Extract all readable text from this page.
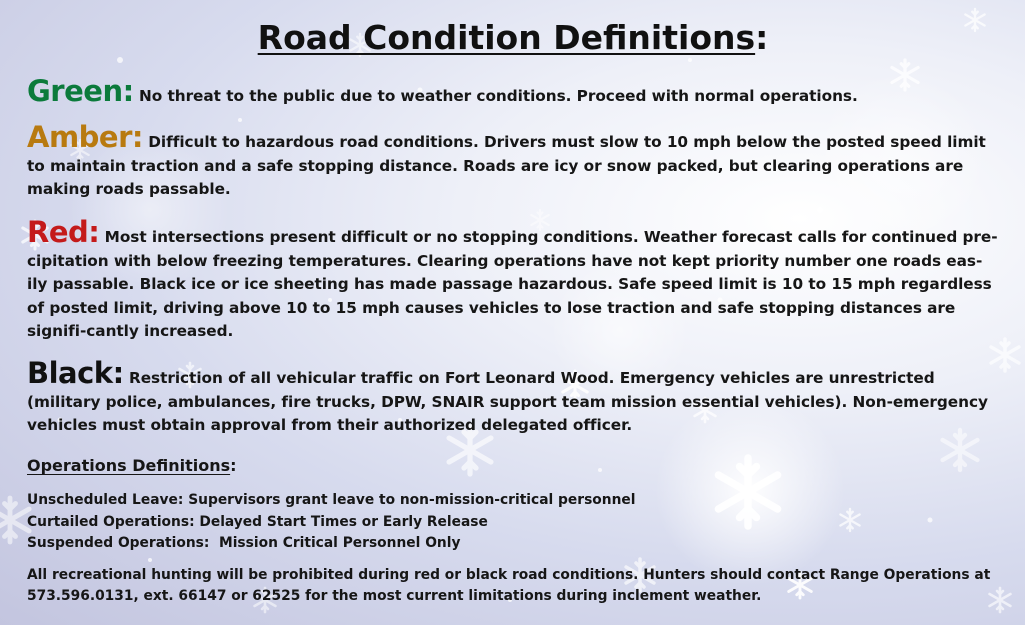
Road Condition Definitions:

Green: No threat to the public due to weather conditions. Proceed with normal operations.

Amber: Difficult to hazardous road conditions. Drivers must slow to 10 mph below the posted speed limit to maintain traction and a safe stopping distance. Roads are icy or snow packed, but clearing operations are making roads passable.

Red: Most intersections present difficult or no stopping conditions. Weather forecast calls for continued pre-cipitation with below freezing temperatures. Clearing operations have not kept priority number one roads eas-ily passable. Black ice or ice sheeting has made passage hazardous. Safe speed limit is 10 to 15 mph regardless of posted limit, driving above 10 to 15 mph causes vehicles to lose traction and safe stopping distances are signifi-cantly increased.

Black: Restriction of all vehicular traffic on Fort Leonard Wood. Emergency vehicles are unrestricted (military police, ambulances, fire trucks, DPW, SNAIR support team mission essential vehicles). Non-emergency vehicles must obtain approval from their authorized delegated officer.

Operations Definitions:

Unscheduled Leave: Supervisors grant leave to non-mission-critical personnel
Curtailed Operations: Delayed Start Times or Early Release
Suspended Operations:  Mission Critical Personnel Only

All recreational hunting will be prohibited during red or black road conditions. Hunters should contact Range Operations at 573.596.0131, ext. 66147 or 62525 for the most current limitations during inclement weather.
